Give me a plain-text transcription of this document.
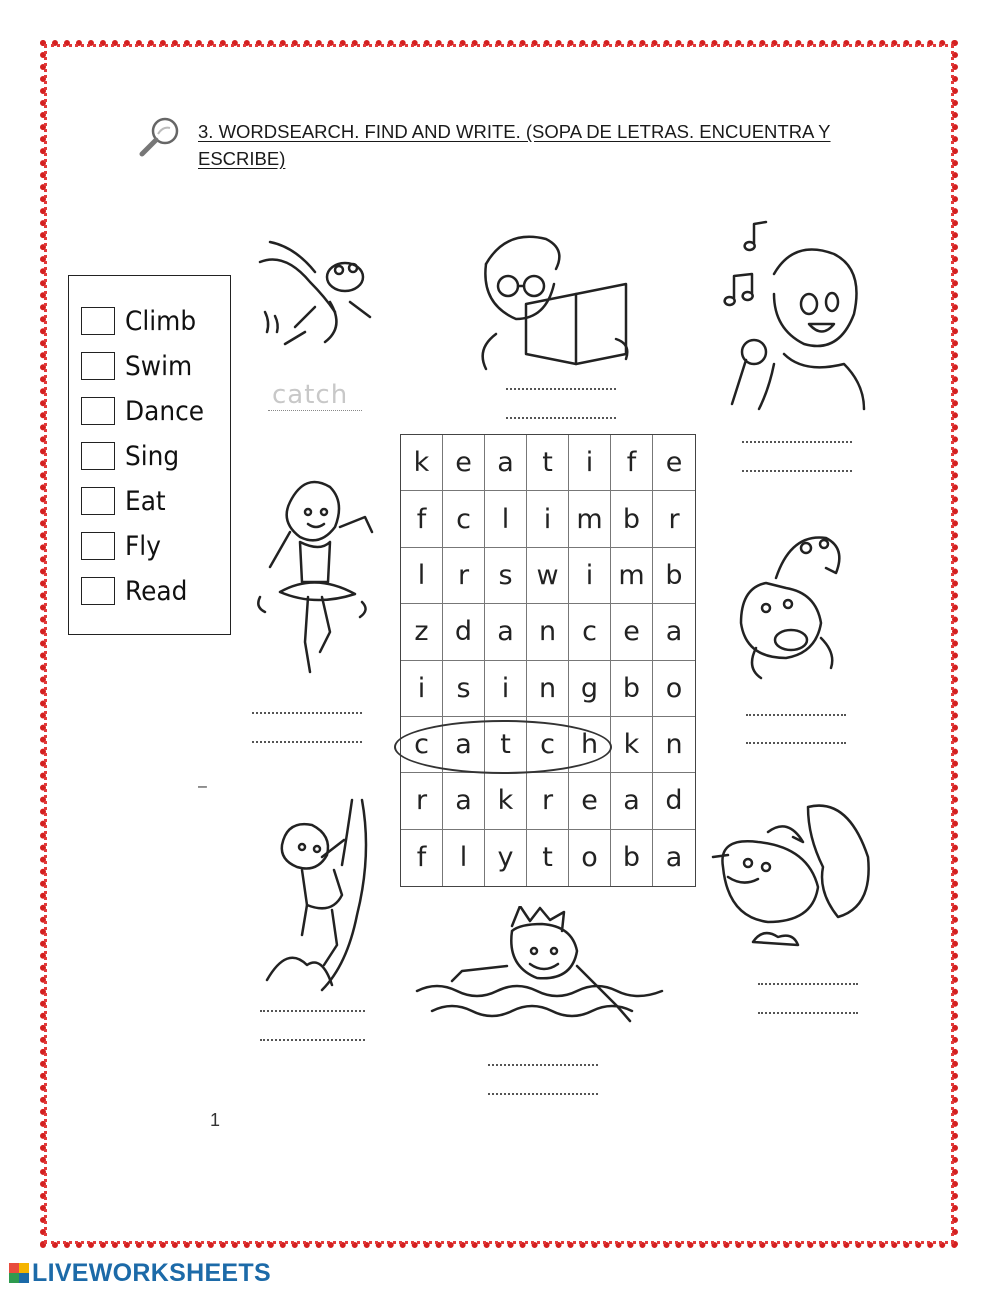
3. WORDSEARCH. FIND AND WRITE. (SOPA DE LETRAS. ENCUENTRA Y ESCRIBE)
Climb
Swim
Dance
Sing
Eat
Fly
Read
k e a	t	i	f	e
f	c	l	i m b	r
l	r	s w	i m b
z d a n c e a
i	s	i	n g b o
c a	t	c h k n
r	a k	r	e a d
f	l	y	t	o b a
catch
–
1
LIVEWORKSHEETS
